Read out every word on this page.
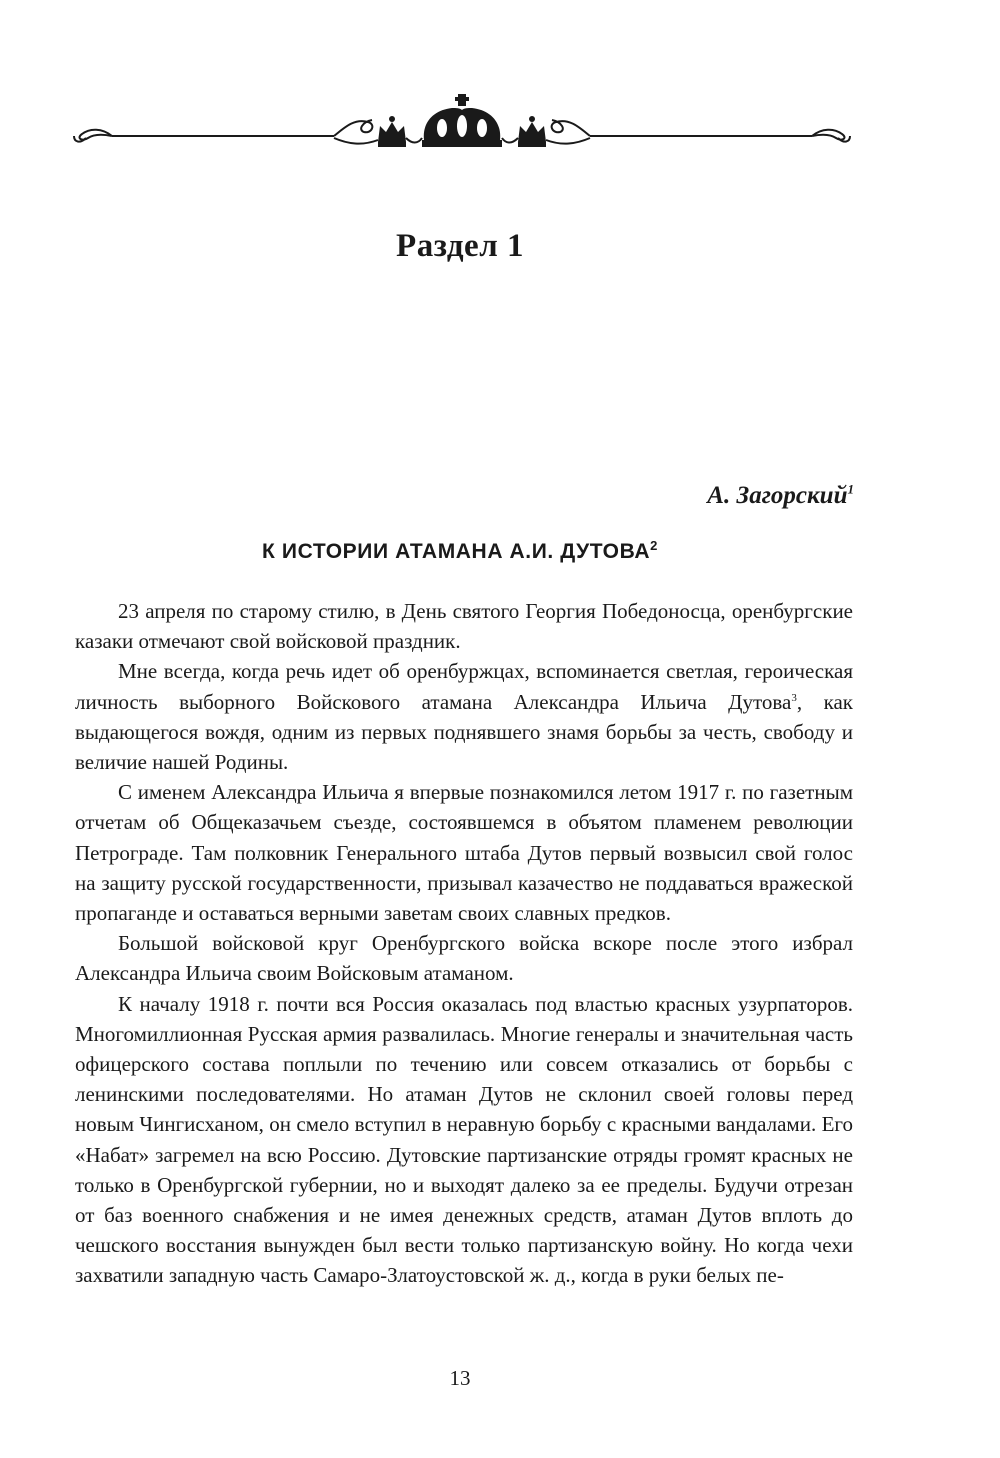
Раздел 1
А. Загорский$^1$
К ИСТОРИИ АТАМАНА А.И. ДУТОВА$^2$

23 апреля по старому стилю, в День святого Георгия Победоносца, оренбургские казаки отмечают свой войсковой праздник.

Мне всегда, когда речь идет об оренбуржцах, вспоминается светлая, героическая личность выборного Войскового атамана Александра Ильича Дутова$^3$, как выдающегося вождя, одним из первых поднявшего знамя борьбы за честь, свободу и величие нашей Родины.

С именем Александра Ильича я впервые познакомился летом 1917 г. по газетным отчетам об Общеказачьем съезде, состоявшемся в объятом пламенем революции Петрограде. Там полковник Генерального штаба Дутов первый возвысил свой голос на защиту русской государственности, призывал казачество не поддаваться вражеской пропаганде и оставаться верными заветам своих славных предков.

Большой войсковой круг Оренбургского войска вскоре после этого избрал Александра Ильича своим Войсковым атаманом.

К началу 1918 г. почти вся Россия оказалась под властью красных узурпаторов. Многомиллионная Русская армия развалилась. Многие генералы и значительная часть офицерского состава поплыли по течению или совсем отказались от борьбы с ленинскими последователями. Но атаман Дутов не склонил своей головы перед новым Чингисханом, он смело вступил в неравную борьбу с красными вандалами. Его «Набат» загремел на всю Россию. Дутовские партизанские отряды громят красных не только в Оренбургской губернии, но и выходят далеко за ее пределы. Будучи отрезан от баз военного снабжения и не имея денежных средств, атаман Дутов вплоть до чешского восстания вынужден был вести только партизанскую войну. Но когда чехи захватили западную часть Самаро-Златоустовской ж. д., когда в руки белых пе-

13
